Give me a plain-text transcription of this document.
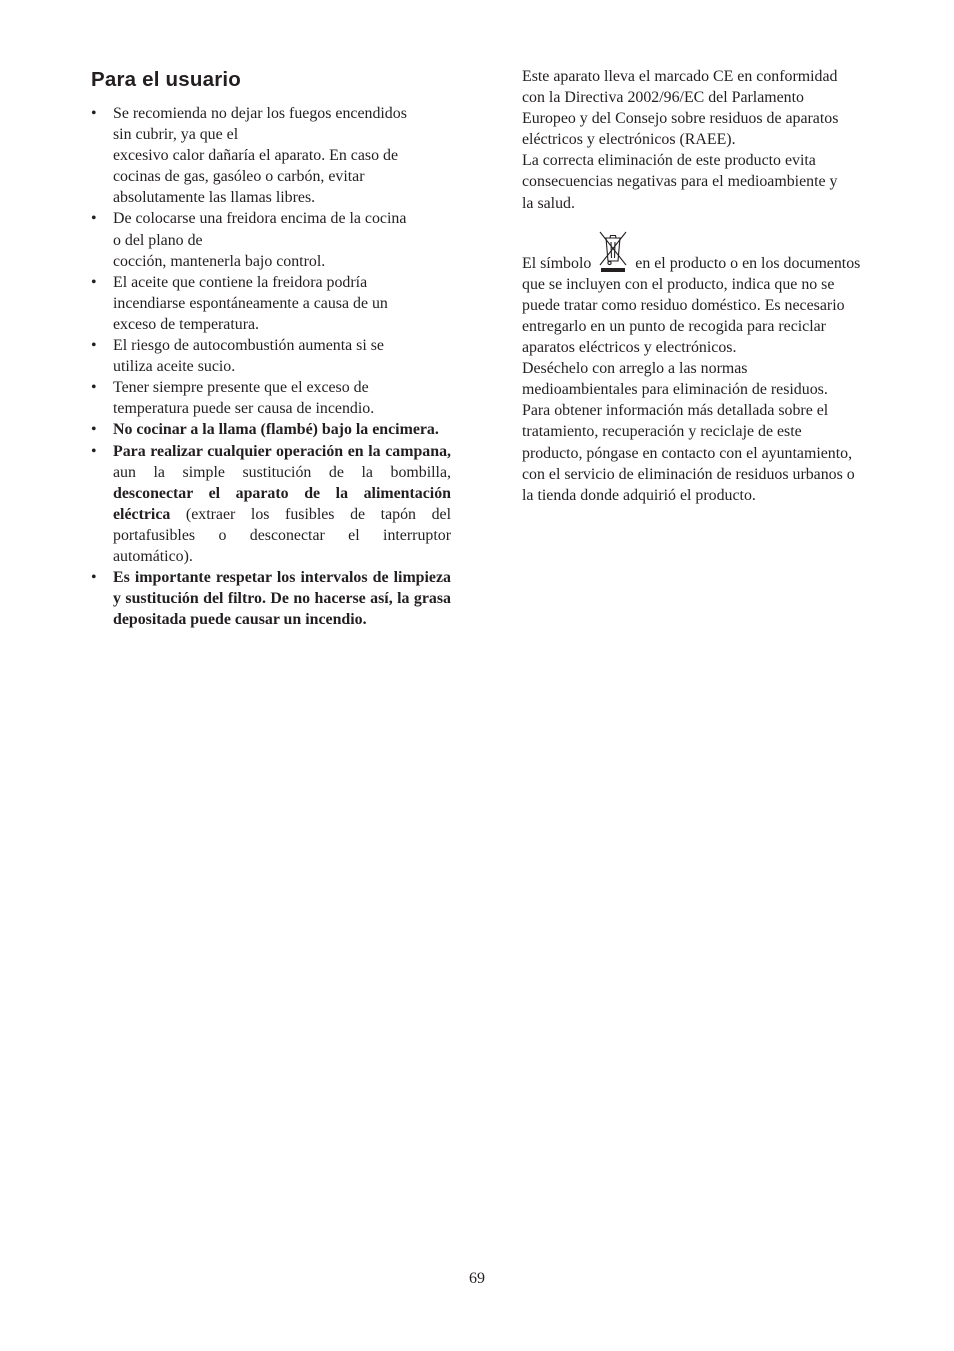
Para el usuario
• Se recomienda no dejar los fuegos encendidos
sin cubrir, ya que el
excesivo calor dañaría el aparato. En caso de
cocinas de gas, gasóleo o carbón, evitar
absolutamente las llamas libres.
• De colocarse una freidora encima de la cocina
o del plano de
cocción, mantenerla bajo control.
• El aceite que contiene la freidora podría
incendiarse espontáneamente a causa de un
exceso de temperatura.
• El riesgo de autocombustión aumenta si se
utiliza aceite sucio.
• Tener siempre presente que el exceso de
temperatura puede ser causa de incendio.
• No cocinar a la llama (flambé) bajo la encimera.
• Para realizar cualquier operación en la campana, aun la simple sustitución de la bombilla, desconectar el aparato de la alimentación eléctrica (extraer los fusibles de tapón del portafusibles o desconectar el interruptor automático).
• Es importante respetar los intervalos de limpieza y sustitución del filtro. De no hacerse así, la grasa depositada puede causar un incendio.

Este aparato lleva el marcado CE en conformidad
con la Directiva 2002/96/EC del Parlamento
Europeo y del Consejo sobre residuos de aparatos
eléctricos y electrónicos (RAEE).

La correcta eliminación de este producto evita
consecuencias negativas para el medioambiente y
la salud.

El símbolo	en el producto o en los documentos
que se incluyen con el producto, indica que no se
puede tratar como residuo doméstico. Es necesario
entregarlo en un punto de recogida para reciclar
aparatos eléctricos y electrónicos.
Deséchelo con arreglo a las normas
medioambientales para eliminación de residuos.
Para obtener información más detallada sobre el
tratamiento, recuperación y reciclaje de este
producto, póngase en contacto con el ayuntamiento,
con el servicio de eliminación de residuos urbanos o
la tienda donde adquirió el producto.

69
